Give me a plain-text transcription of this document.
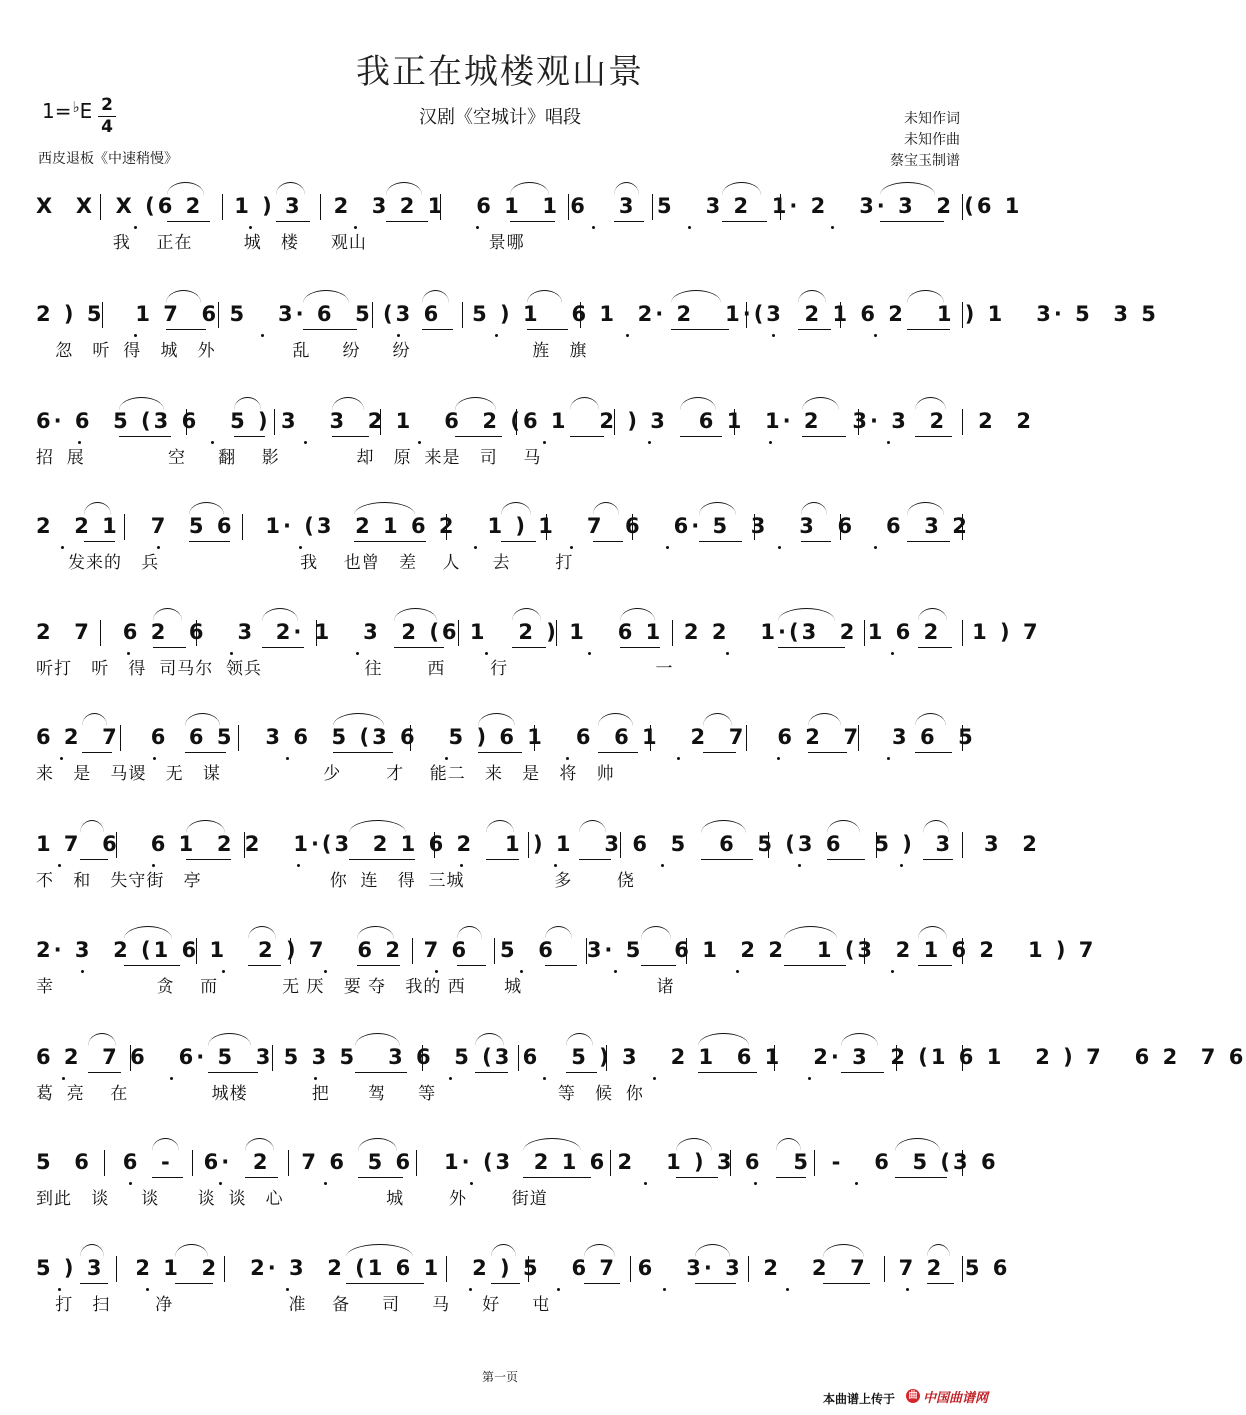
我正在城楼观山景
1=♭E 2
4	汉剧《空城计》唱段
西皮退板《中速稍慢》
未知作词
未知作曲
蔡宝玉制谱
X  X  X (6 2   1 ) 3   2  3 2 1   6 1  1 6   3  5   3 2  1· 2   3· 3  2 (6 1
我    正在        城   楼     观山                   景哪
2 ) 5   1 7  6 5   3· 6  5 (3 6   5 ) 1   6 1  2· 2   1·(3  2 1 6 2   1 ) 1   3· 5  3 5
忽   听  得   城   外            乱     纷     纷                   旌   旗
6· 6  5 (3 6   5 ) 3   3  2 1   6  2 (6 1   2 ) 3   6 1  1· 2   3· 3  2   2  2
招  展             空     翻    影            却   原  来是   司    马
2  2 1   7  5 6   1· (3  2 1 6 2   1 ) 1   7  6   6· 5  3   3  6   6  3 2
发来的   兵                      我    也曾   差    人     去       打
2  7   6 2  6   3  2· 1   3  2 (6 1   2 ) 1   6 1  2 2   1·(3  2 1 6 2   1 ) 7
听打   听   得  司马尔  领兵                往       西       行                       一
6 2  7   6  6 5   3 6  5 (3 6   5 ) 6 1   6  6 1   2  7   6 2  7   3 6  5
来   是   马谡   无   谋                少       才    能二   来   是   将   帅
1 7  6   6 1  2 2   1·(3  2 1 6 2   1 ) 1   3 6  5   6  5 (3 6   5 )  3   3  2
不   和   失守街   亭                    你  连   得  三城              多       侥
2· 3  2 (1 6 1   2 ) 7   6 2  7 6   5  6   3· 5   6 1  2 2   1 (3  2 1 6 2   1 ) 7
幸                贪    而          无 厌   要 夺   我的 西      城                     诸
6 2  7 6   6· 5  3 5 3 5   3 6  5 (3 6   5 ) 3   2 1  6 1   2· 3  2 (1 6 1   2 ) 7   6 2  7 6
葛  亮    在             城楼          把      驾     等                   等   候  你
5  6   6  -   6·  2   7 6  5 6   1· (3  2 1 6 2   1 ) 3 6   5  -   6  5 (3 6
到此   谈     谈      谈  谈   心                城       外       街道
5 ) 3   2 1  2   2· 3  2 (1 6 1   2 ) 5   6 7  6   3· 3  2   2  7   7 2  5 6
打   扫       净                  准    备     司     马     好     屯
第一页
本曲谱上传于 曲 中国曲谱网
